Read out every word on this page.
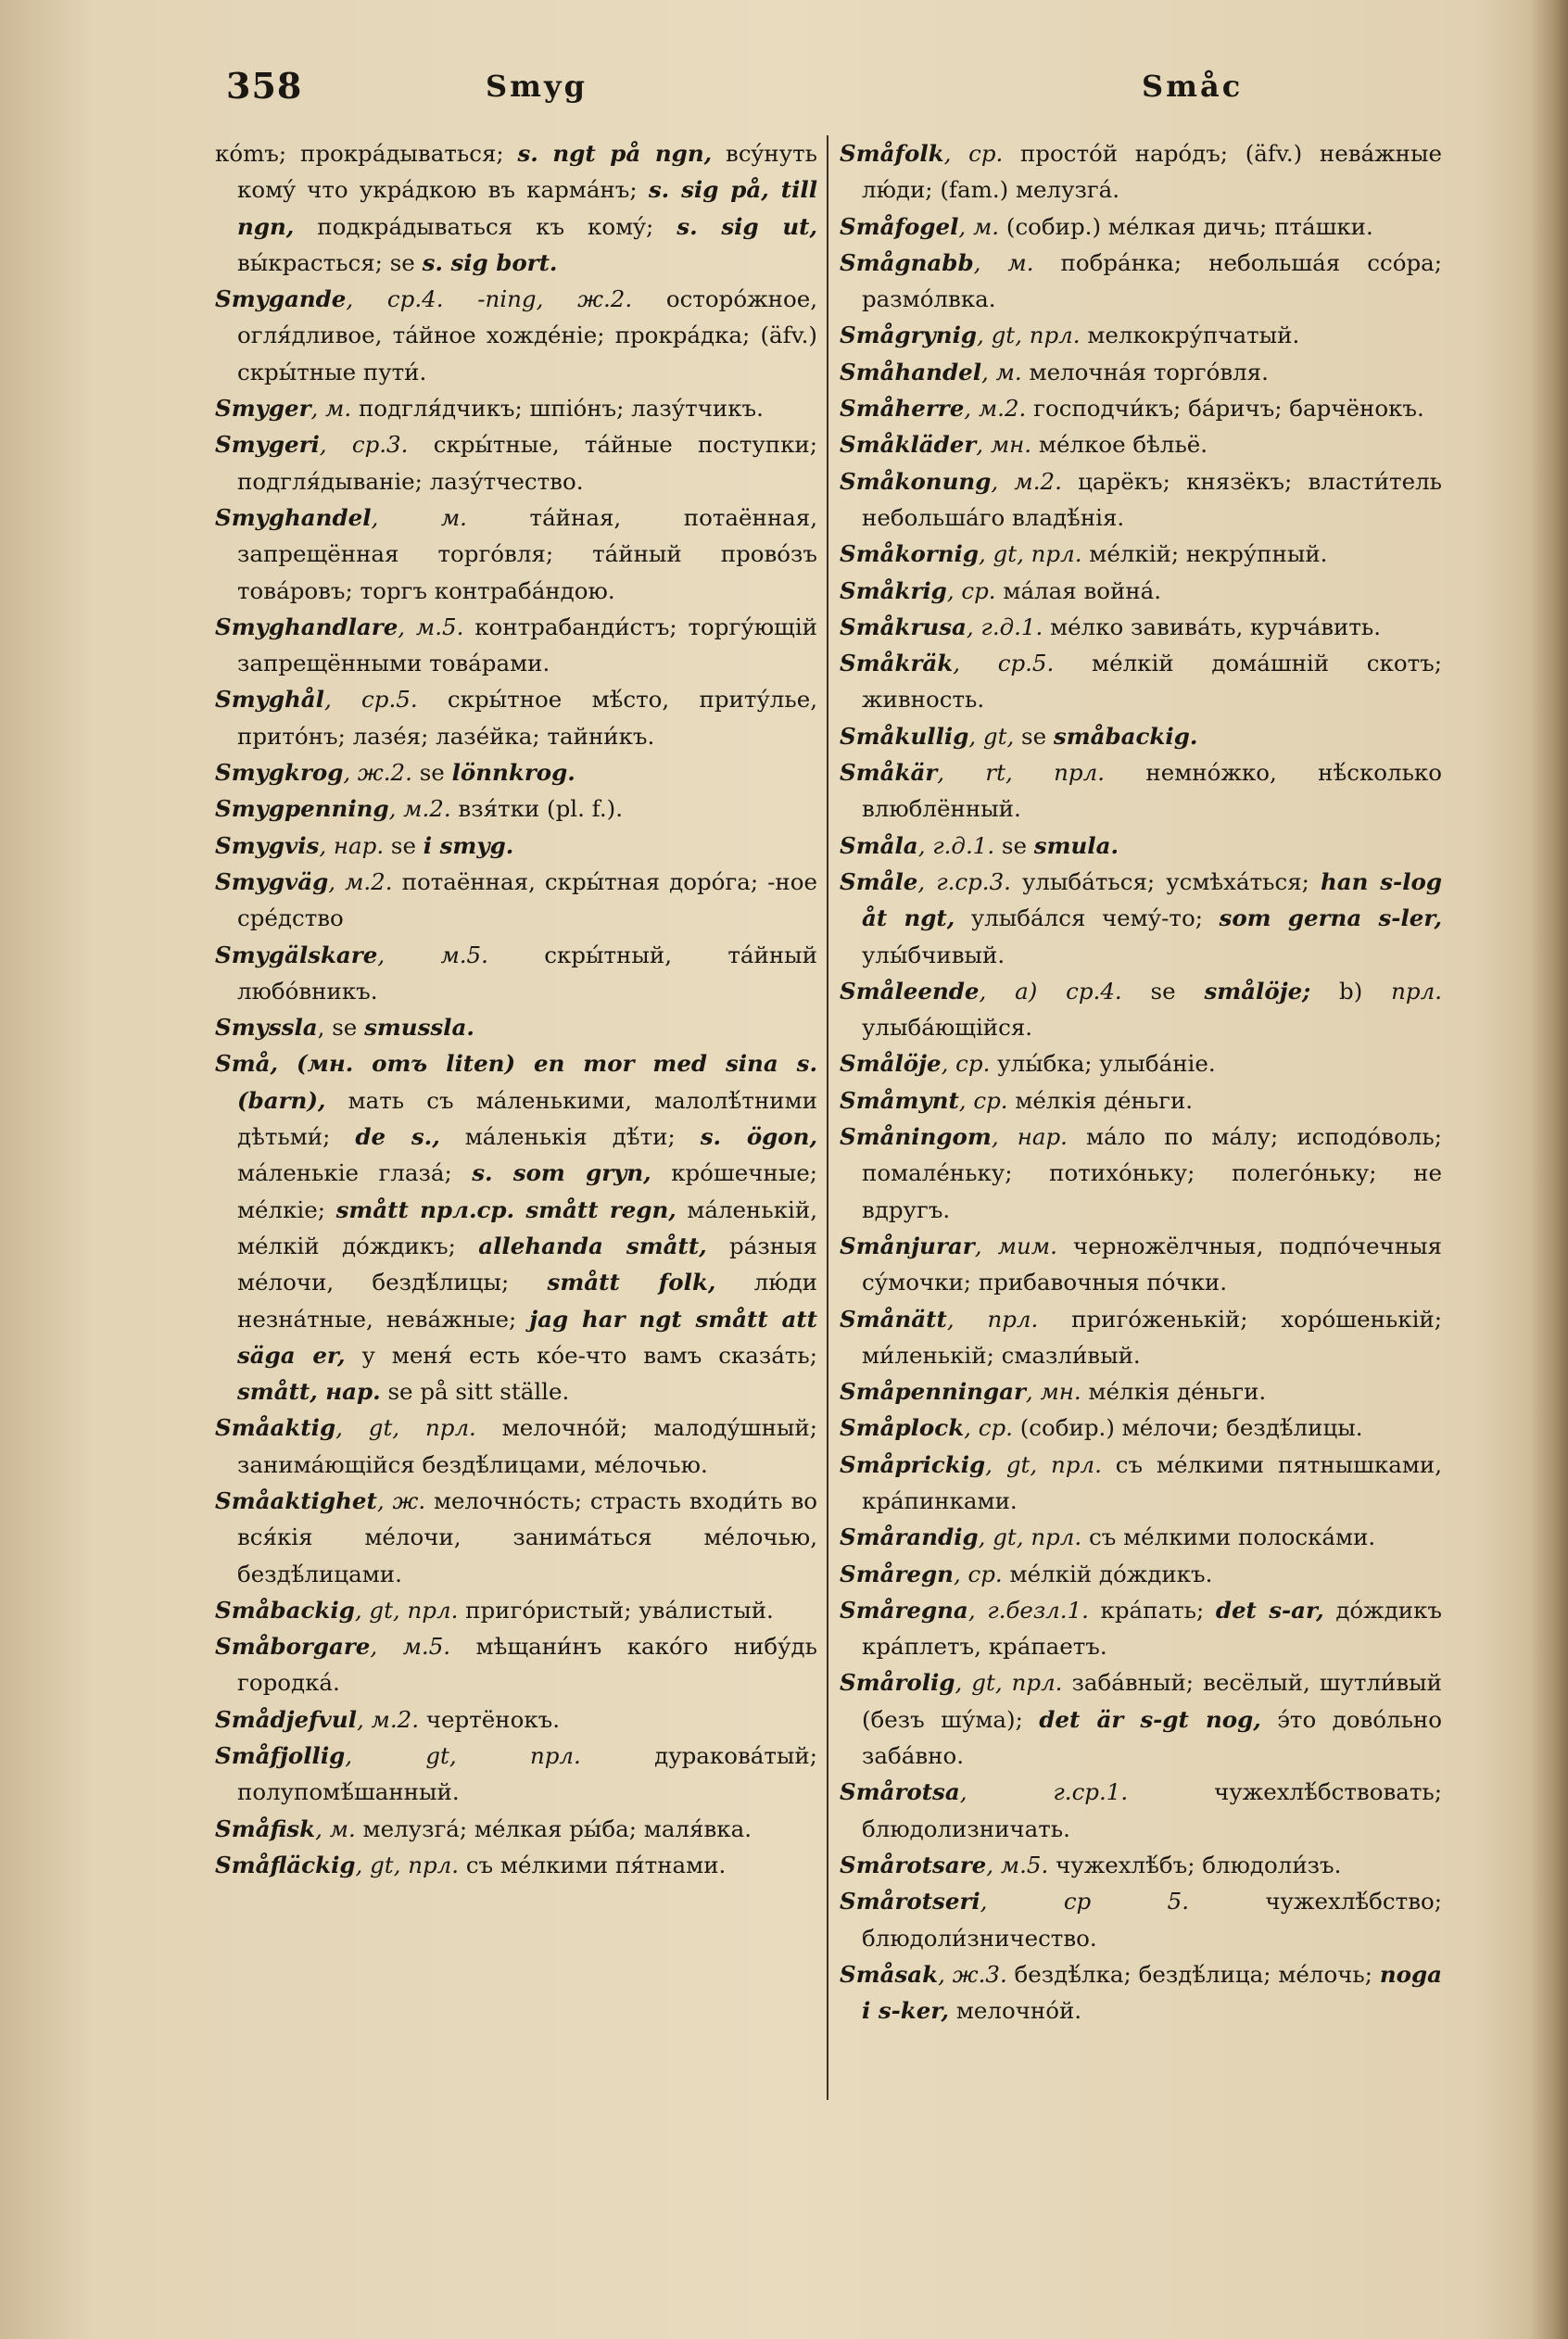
358	Smyg	Småс

кómъ; прокрáдываться; s. ngt på ngn, всýнуть комý что укрáдкою въ кармáнъ; s. sig på, till ngn, подкрáдываться къ комý; s. sig ut, вы́красться; se s. sig bort.

Smygande, ср.4. -ning, ж.2. осторóжное, огля́дливое, тáйное хождéніе; прокрáдка; (äfv.) скры́тные пути́.

Smyger, м. подгля́дчикъ; шпіóнъ; лазу́тчикъ.

Smygeri, ср.3. скры́тные, тáйные поступки; подгля́дываніе; лазу́тчество.

Smyghandel, м. тáйная, потаённая, запрещённая торгóвля; тáйный провóзъ товáровъ; торгъ контрабáндою.

Smyghandlare, м.5. контрабанди́стъ; торгу́ющій запрещёнными товáрами.

Smyghål, ср.5. скры́тное мѣ́сто, приту́лье, притóнъ; лазéя; лазéйка; тайни́къ.

Smygkrog, ж.2. se lönnkrog.

Smygpenning, м.2. взя́тки (pl. f.).

Smygvis, нар. se i smyg.

Smygväg, м.2. потаённая, скры́тная дорóга; -ное срéдство

Smygälskare, м.5. скры́тный, тáйный любóвникъ.

Smyssla, se smussla.

Små, (мн. отъ liten) en mor med sina s. (barn), мать съ мáленькими, малолѣ́тними дѣтьми́; de s., мáленькія дѣ́ти; s. ögon, мáленькіе глазá; s. som gryn, крóшечные; мéлкіе; smått прл.ср. smått regn, мáленькій, мéлкій дóждикъ; allehanda smått, рáзныя мéлочи, бездѣ́лицы; smått folk, лю́ди незнáтные, невáжные; jag har ngt smått att säga er, у меня́ есть кóе-что вамъ сказáть; smått, нар. se på sitt ställe.

Småaktig, gt, прл. мелочнóй; малоду́шный; занимáющійся бездѣ́лицами, мéлочью.

Småaktighet, ж. мелочнóсть; страсть входи́ть во вся́кія мéлочи, занимáться мéлочью, бездѣ́лицами.

Småbackig, gt, прл. пригóристый; увáлистый.

Småborgare, м.5. мѣщани́нъ какóго нибу́дь городкá.

Smådjefvul, м.2. чертёнокъ.

Småfjollig, gt, прл. дуракова́тый; полупомѣ́шанный.

Småfisk, м. мелузгá; мéлкая ры́ба; маля́вка.

Småfläckig, gt, прл. съ мéлкими пя́тнами.

Småfolk, ср. простóй нарóдъ; (äfv.) невáжные лю́ди; (fam.) мелузгá.

Småfogel, м. (собир.) мéлкая дичь; птáшки.

Smågnabb, м. побрáнка; небольшáя ссóра; размóлвка.

Smågrynig, gt, прл. мелкокру́пчатый.

Småhandel, м. мелочнáя торгóвля.

Småherre, м.2. господчи́къ; бáричъ; барчёнокъ.

Småkläder, мн. мéлкое бѣльё.

Småkonung, м.2. царёкъ; князёкъ; власти́тель небольшáго владѣ́нія.

Småkornig, gt, прл. мéлкій; некру́пный.

Småkrig, ср. мáлая войнá.

Småkrusa, г.д.1. мéлко завивáть, курчáвить.

Småkräk, ср.5. мéлкій домáшній скотъ; живность.

Småkullig, gt, se småbackig.

Småkär, rt, прл. немнóжко, нѣ́сколько влюблённый.

Småla, г.д.1. se smula.

Småle, г.ср.3. улыбáться; усмѣхáться; han s-log åt ngt, улыбáлся чему́-то; som gerna s-ler, улы́бчивый.

Småleende, a) ср.4. se smålöje; b) прл. улыбáющійся.

Smålöje, ср. улы́бка; улыбáніе.

Småmynt, ср. мéлкія дéньги.

Småningom, нар. мáло по мáлу; исподóволь; помалéньку; потихóньку; полегóньку; не вдругъ.

Smånjurar, мим. черножёлчныя, подпóчечныя су́мочки; прибавочныя пóчки.

Smånätt, прл. пригóженькій; хорóшенькій; ми́ленькій; смазли́вый.

Småpenningar, мн. мéлкія дéньги.

Småplock, ср. (собир.) мéлочи; бездѣ́лицы.

Småprickig, gt, прл. съ мéлкими пятнышками, крáпинками.

Smårandig, gt, прл. съ мéлкими полоскáми.

Småregn, ср. мéлкій дóждикъ.

Småregna, г.безл.1. крáпать; det s-ar, дóждикъ крáплетъ, крáпаетъ.

Smårolig, gt, прл. забáвный; весёлый, шутли́вый (безъ шу́ма); det är s-gt nog, э́то довóльно забáвно.

Smårotsa, г.ср.1. чужехлѣ́бствовать; блюдолизничать.

Smårotsare, м.5. чужехлѣ́бъ; блюдоли́зъ.

Smårotseri, ср 5. чужехлѣ́бство; блюдоли́зничество.

Småsak, ж.3. бездѣ́лка; бездѣ́лица; мéлочь; noga i s-ker, мелочнóй.
